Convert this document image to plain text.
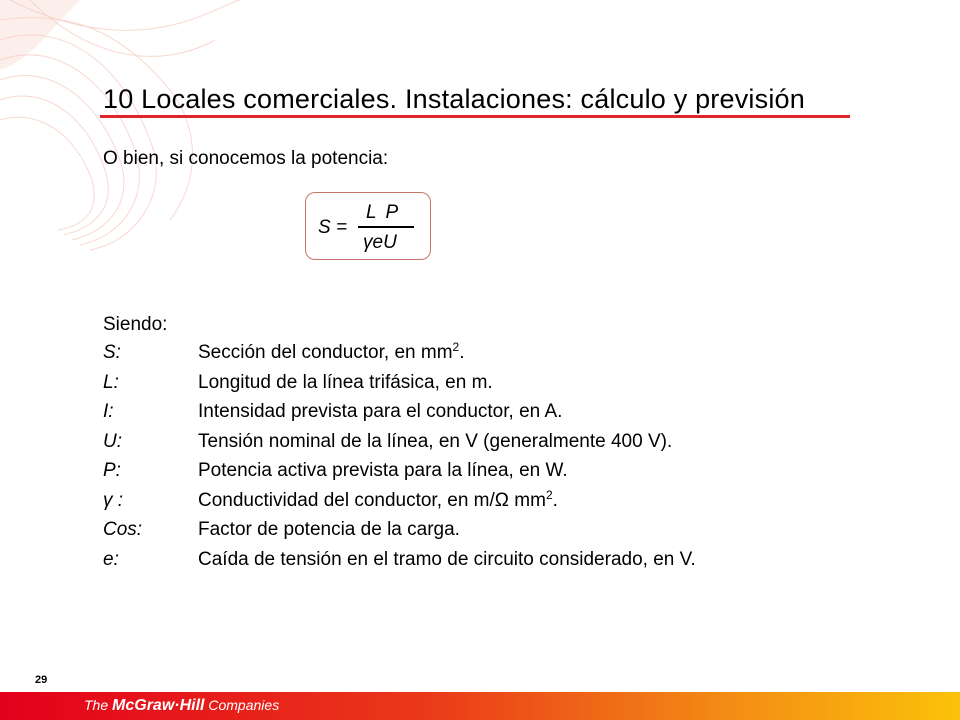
10 Locales comerciales. Instalaciones: cálculo y previsión
O bien, si conocemos la potencia:
S =
L P
γeU
Siendo:
S:	Sección del conductor, en $mm^2$.
L:	Longitud de la línea trifásica, en m.
I:	Intensidad prevista para el conductor, en A.
U:	Tensión nominal de la línea, en V (generalmente 400 V).
P:	Potencia activa prevista para la línea, en W.
γ :	Conductividad del conductor, en m/Ω $mm^2$.
Cos:	Factor de potencia de la carga.
e:	Caída de tensión en el tramo de circuito considerado, en V.
29
The McGraw·Hill Companies
